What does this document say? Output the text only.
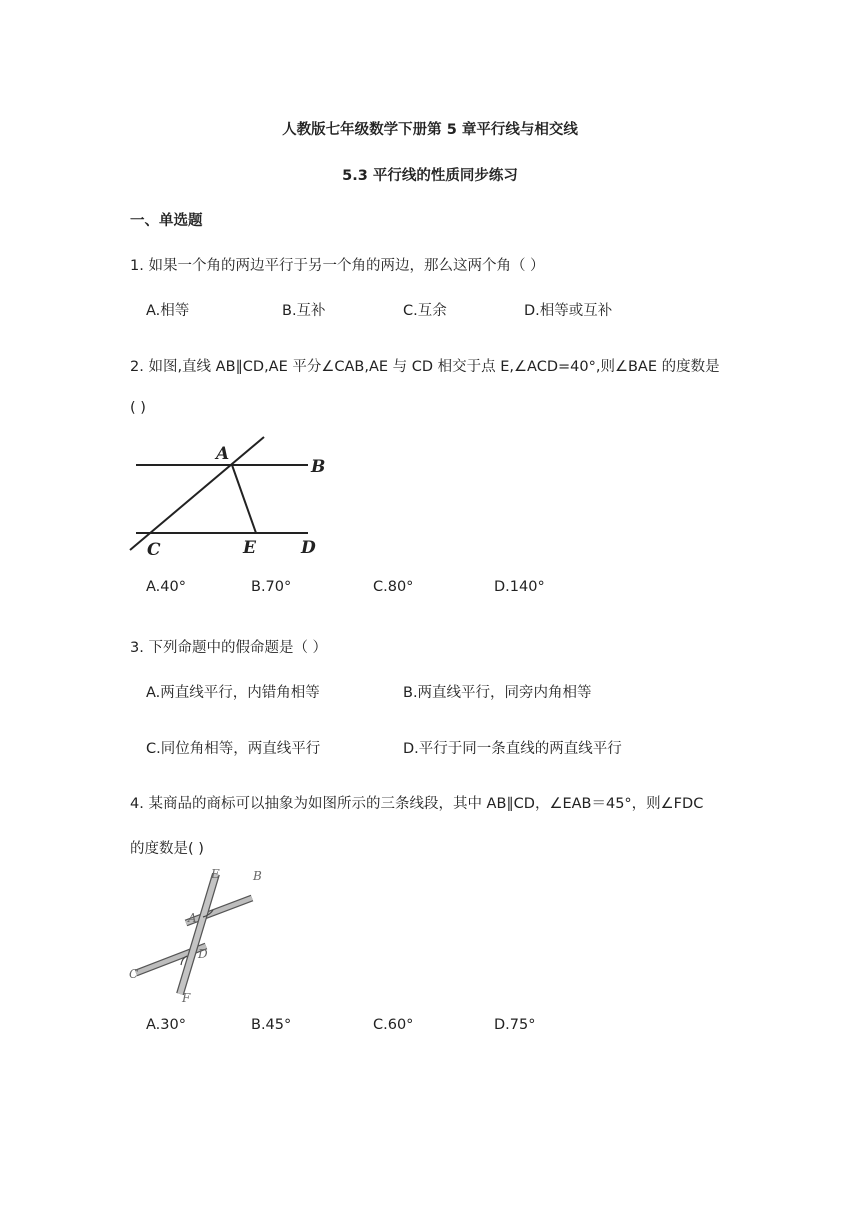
人教版七年级数学下册第 5 章平行线与相交线
5.3 平行线的性质同步练习
一、单选题
1. 如果一个角的两边平行于另一个角的两边，那么这两个角（ ）
A.相等	B.互补	C.互余	D.相等或互补
2. 如图,直线 AB∥CD,AE 平分∠CAB,AE 与 CD 相交于点 E,∠ACD=40°,则∠BAE 的度数是
( )
A
B
C	E	D
A.40°	B.70°	C.80°	D.140°
3. 下列命题中的假命题是（ ）
A.两直线平行，内错角相等	B.两直线平行，同旁内角相等
C.同位角相等，两直线平行	D.平行于同一条直线的两直线平行
4. 某商品的商标可以抽象为如图所示的三条线段，其中 AB∥CD，∠EAB＝45°，则∠FDC
的度数是( )
E	B
A
D
C
F
A.30°	B.45°	C.60°	D.75°
